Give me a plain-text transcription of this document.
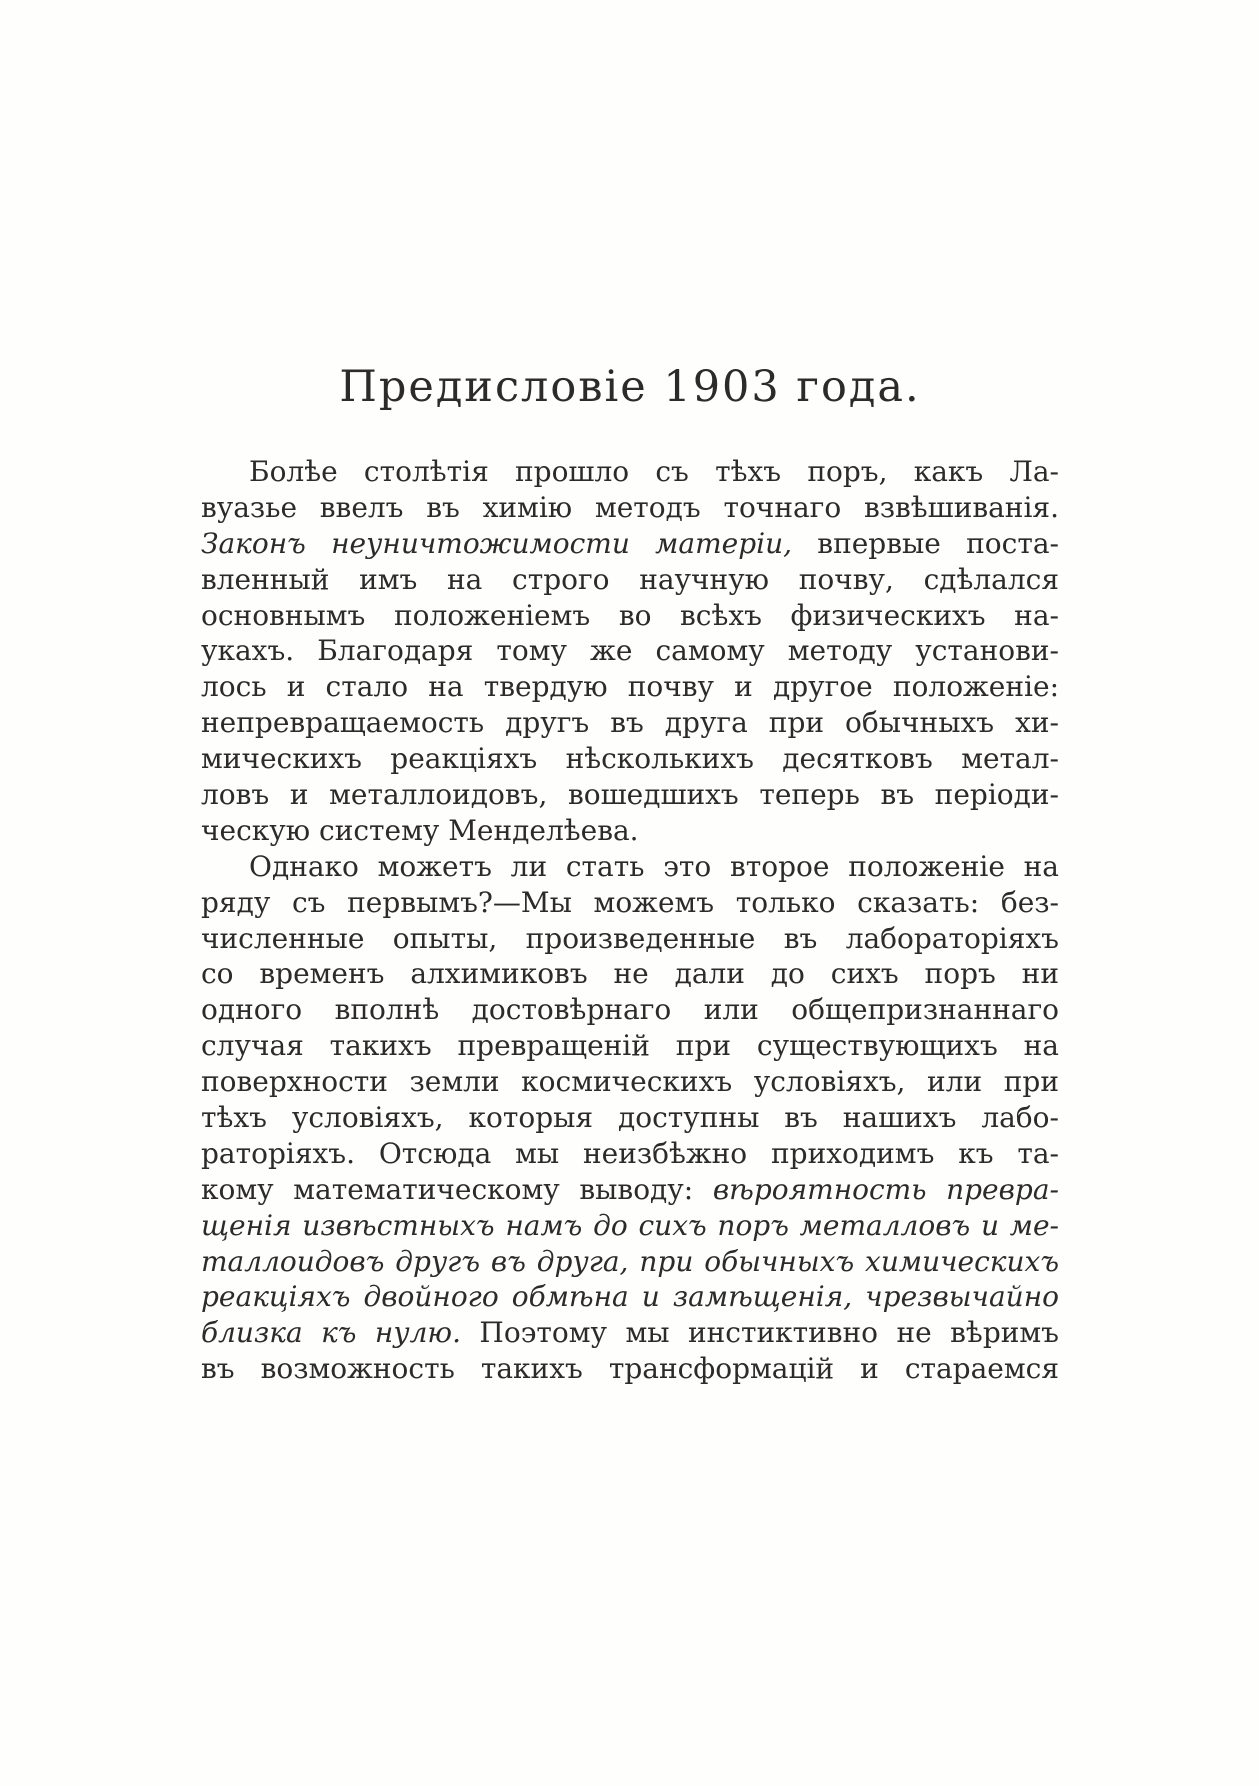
Предисловіе 1903 года.
Болѣе столѣтія прошло съ тѣхъ поръ, какъ Ла-
вуазье ввелъ въ химію методъ точнаго взвѣшиванія.
Законъ неуничтожимости матеріи, впервые поста-
вленный имъ на строго научную почву, сдѣлался
основнымъ положеніемъ во всѣхъ физическихъ на-
укахъ. Благодаря тому же самому методу установи-
лось и стало на твердую почву и другое положеніе:
непревращаемость другъ въ друга при обычныхъ хи-
мическихъ реакціяхъ нѣсколькихъ десятковъ метал-
ловъ и металлоидовъ, вошедшихъ теперь въ періоди-
ческую систему Менделѣева.
Однако можетъ ли стать это второе положеніе на
ряду съ первымъ?—Мы можемъ только сказать: без-
численные опыты, произведенные въ лабораторіяхъ
со временъ алхимиковъ не дали до сихъ поръ ни
одного вполнѣ достовѣрнаго или общепризнаннаго
случая такихъ превращеній при существующихъ на
поверхности земли космическихъ условіяхъ, или при
тѣхъ условіяхъ, которыя доступны въ нашихъ лабо-
раторіяхъ. Отсюда мы неизбѣжно приходимъ къ та-
кому математическому выводу: вѣроятность превра-
щенія извѣстныхъ намъ до сихъ поръ металловъ и ме-
таллоидовъ другъ въ друга, при обычныхъ химическихъ
реакціяхъ двойного обмѣна и замѣщенія, чрезвычайно
близка къ нулю. Поэтому мы инстиктивно не вѣримъ
въ возможность такихъ трансформацій и стараемся
